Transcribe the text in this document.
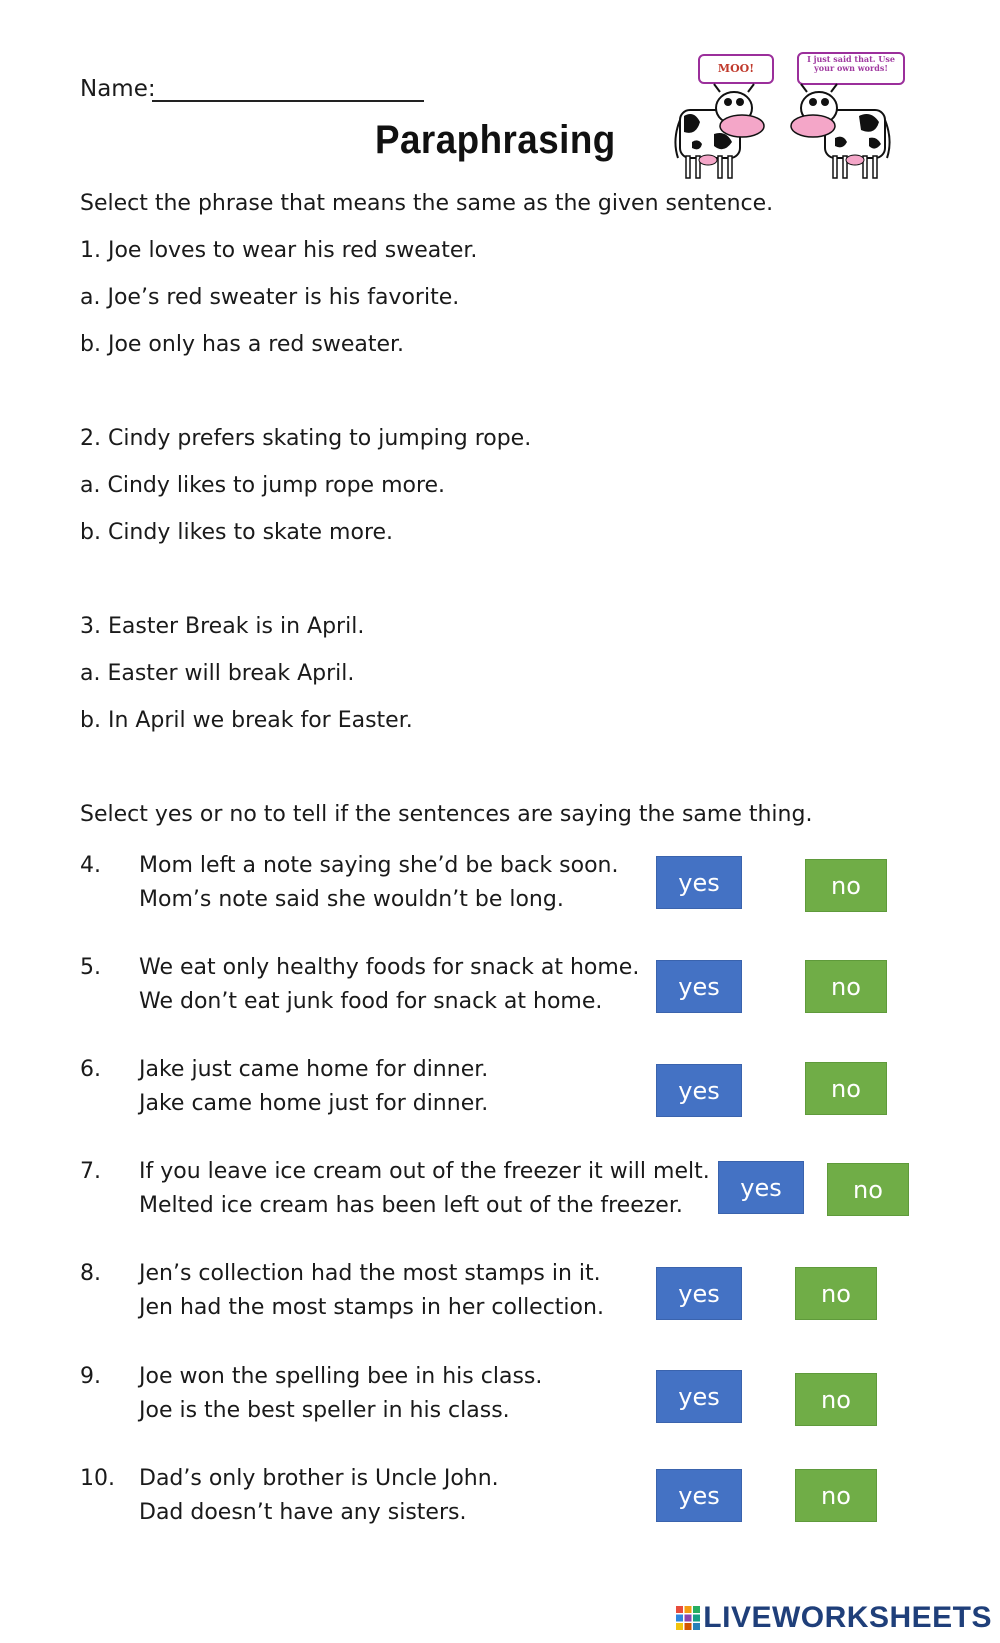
Name:
Paraphrasing
MOO!
I just said that. Use your own words!
Select the phrase that means the same as the given sentence.
1. Joe loves to wear his red sweater.
a. Joe’s red sweater is his favorite.
b. Joe only has a red sweater.
2. Cindy prefers skating to jumping rope.
a. Cindy likes to jump rope more.
b. Cindy likes to skate more.
3. Easter Break is in April.
a. Easter will break April.
b. In April we break for Easter.
Select yes or no to tell if the sentences are saying the same thing.
4. Mom left a note saying she’d be back soon.
Mom’s note said she wouldn’t be long.
yes	no
5. We eat only healthy foods for snack at home.
We don’t eat junk food for snack at home.
yes	no
6. Jake just came home for dinner.
Jake came home just for dinner.	yes	no
7. If you leave ice cream out of the freezer it will melt.
Melted ice cream has been left out of the freezer.
yes	no
8. Jen’s collection had the most stamps in it.
Jen had the most stamps in her collection.	yes	no
9. Joe won the spelling bee in his class.
Joe is the best speller in his class.	yes	no
10. Dad’s only brother is Uncle John.
Dad doesn’t have any sisters.
yes	no
LIVEWORKSHEETS
